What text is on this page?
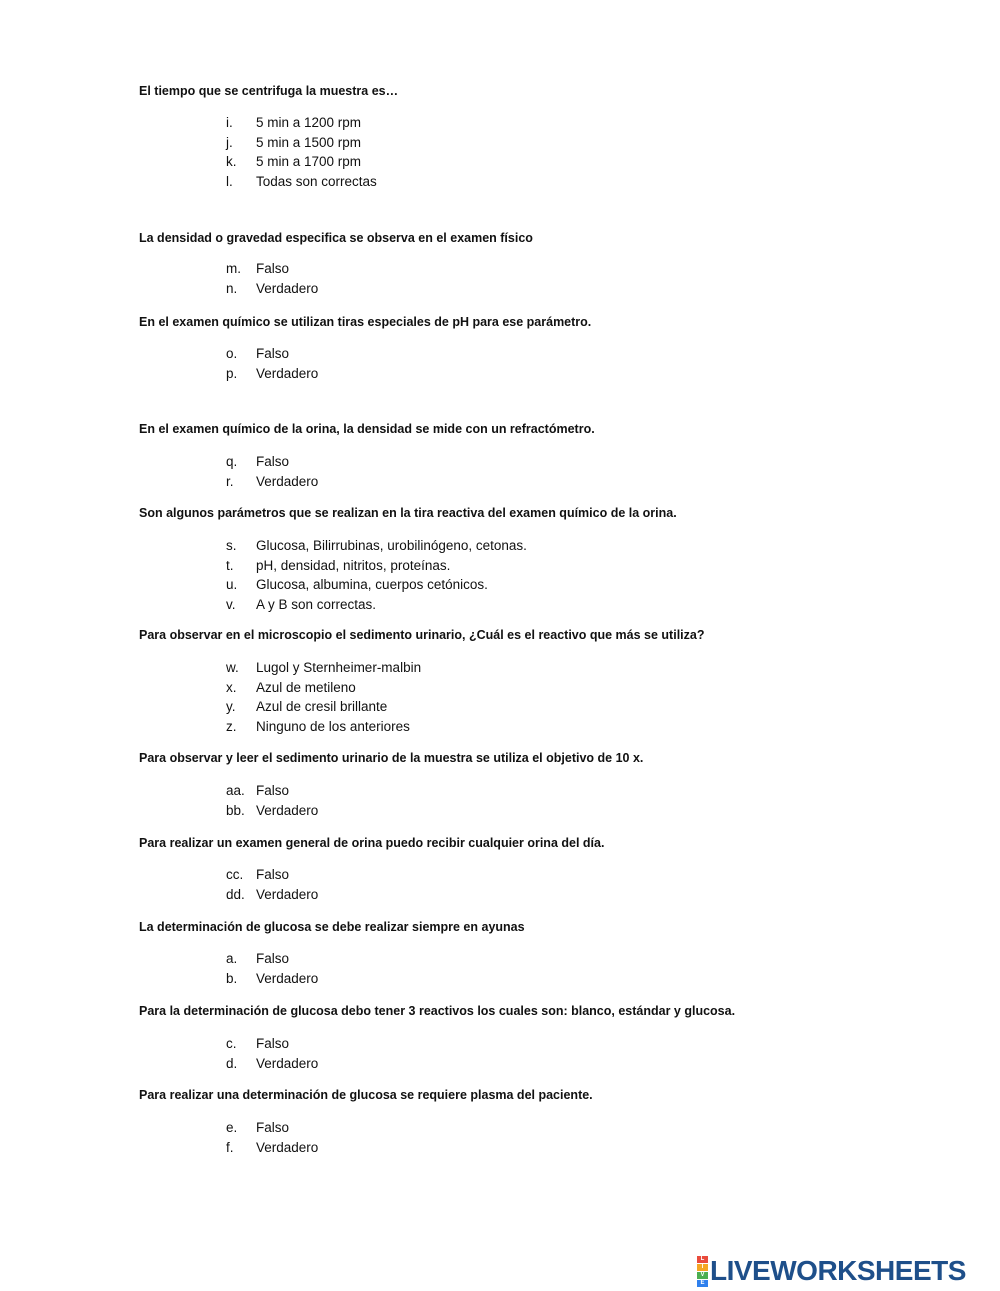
El tiempo que se centrifuga la muestra es…

i. 5 min a 1200 rpm
j. 5 min a 1500 rpm
k. 5 min a 1700 rpm
l. Todas son correctas

La densidad o gravedad especifica se observa en el examen físico

m. Falso
n. Verdadero

En el examen químico se utilizan tiras especiales de pH para ese parámetro.

o. Falso
p. Verdadero

En el examen químico de la orina, la densidad se mide con un refractómetro.

q. Falso
r. Verdadero

Son algunos parámetros que se realizan en la tira reactiva del examen químico de la orina.

s. Glucosa, Bilirrubinas, urobilinógeno, cetonas.
t. pH, densidad, nitritos, proteínas.
u. Glucosa, albumina, cuerpos cetónicos.
v. A y B son correctas.

Para observar en el microscopio el sedimento urinario, ¿Cuál es el reactivo que más se utiliza?

w. Lugol y Sternheimer-malbin
x. Azul de metileno
y. Azul de cresil brillante
z. Ninguno de los anteriores

Para observar y leer el sedimento urinario de la muestra se utiliza el objetivo de 10 x.

aa. Falso
bb. Verdadero

Para realizar un examen general de orina puedo recibir cualquier orina del día.

cc. Falso
dd. Verdadero

La determinación de glucosa se debe realizar siempre en ayunas

a. Falso
b. Verdadero

Para la determinación de glucosa debo tener 3 reactivos los cuales son: blanco, estándar y glucosa.

c. Falso
d. Verdadero

Para realizar una determinación de glucosa se requiere plasma del paciente.

e. Falso
f. Verdadero
L
I
V
E LIVEWORKSHEETS
